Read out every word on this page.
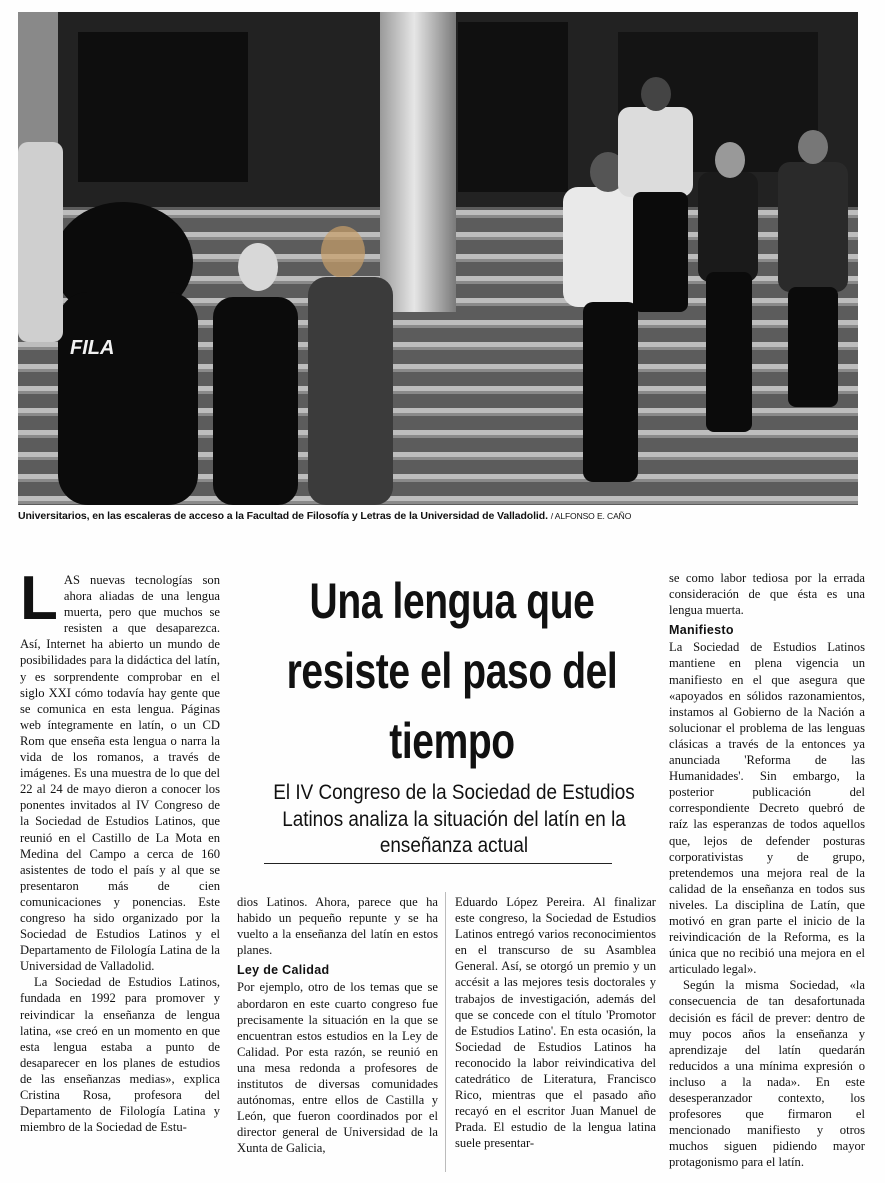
FILA
Universitarios, en las escaleras de acceso a la Facultad de Filosofía y Letras de la Universidad de Valladolid. / ALFONSO E. CAÑO
Una lengua que resiste el paso del tiempo
El IV Congreso de la Sociedad de Estudios Latinos analiza la situación del latín en la enseñanza actual

LAS nuevas tecnologías son ahora aliadas de una lengua muerta, pero que muchos se resisten a que desaparezca. Así, Internet ha abierto un mundo de posibilidades para la didáctica del latín, y es sorprendente comprobar en el siglo XXI cómo todavía hay gente que se comunica en esta lengua. Páginas web íntegramente en latín, o un CD Rom que enseña esta lengua o narra la vida de los romanos, a través de imágenes. Es una muestra de lo que del 22 al 24 de mayo dieron a conocer los ponentes invitados al IV Congreso de la Sociedad de Estudios Latinos, que reunió en el Castillo de La Mota en Medina del Campo a cerca de 160 asistentes de todo el país y al que se presentaron más de cien comunicaciones y ponencias. Este congreso ha sido organizado por la Sociedad de Estudios Latinos y el Departamento de Filología Latina de la Universidad de Valladolid.

La Sociedad de Estudios Latinos, fundada en 1992 para promover y reivindicar la enseñanza de lengua latina, «se creó en un momento en que esta lengua estaba a punto de desaparecer en los planes de estudios de las enseñanzas medias», explica Cristina Rosa, profesora del Departamento de Filología Latina y miembro de la Sociedad de Estu-

dios Latinos. Ahora, parece que ha habido un pequeño repunte y se ha vuelto a la enseñanza del latín en estos planes.

Ley de Calidad

Por ejemplo, otro de los temas que se abordaron en este cuarto congreso fue precisamente la situación en la que se encuentran estos estudios en la Ley de Calidad. Por esta razón, se reunió en una mesa redonda a profesores de institutos de diversas comunidades autónomas, entre ellos de Castilla y León, que fueron coordinados por el director general de Universidad de la Xunta de Galicia,

Eduardo López Pereira. Al finalizar este congreso, la Sociedad de Estudios Latinos entregó varios reconocimientos en el transcurso de su Asamblea General. Así, se otorgó un premio y un accésit a las mejores tesis doctorales y trabajos de investigación, además del que se concede con el título 'Promotor de Estudios Latino'. En esta ocasión, la Sociedad de Estudios Latinos ha reconocido la labor reivindicativa del catedrático de Literatura, Francisco Rico, mientras que el pasado año recayó en el escritor Juan Manuel de Prada. El estudio de la lengua latina suele presentar-

se como labor tediosa por la errada consideración de que ésta es una lengua muerta.

Manifiesto

La Sociedad de Estudios Latinos mantiene en plena vigencia un manifiesto en el que asegura que «apoyados en sólidos razonamientos, instamos al Gobierno de la Nación a solucionar el problema de las lenguas clásicas a través de la entonces ya anunciada 'Reforma de las Humanidades'. Sin embargo, la posterior publicación del correspondiente Decreto quebró de raíz las esperanzas de todos aquellos que, lejos de defender posturas corporativistas y de grupo, pretendemos una mejora real de la calidad de la enseñanza en todos sus niveles. La disciplina de Latín, que motivó en gran parte el inicio de la reivindicación de la Reforma, es la única que no recibió una mejora en el articulado legal».

Según la misma Sociedad, «la consecuencia de tan desafortunada decisión es fácil de prever: dentro de muy pocos años la enseñanza y aprendizaje del latín quedarán reducidos a una mínima expresión o incluso a la nada». En este desesperanzador contexto, los profesores que firmaron el mencionado manifiesto y otros muchos siguen pidiendo mayor protagonismo para el latín.
